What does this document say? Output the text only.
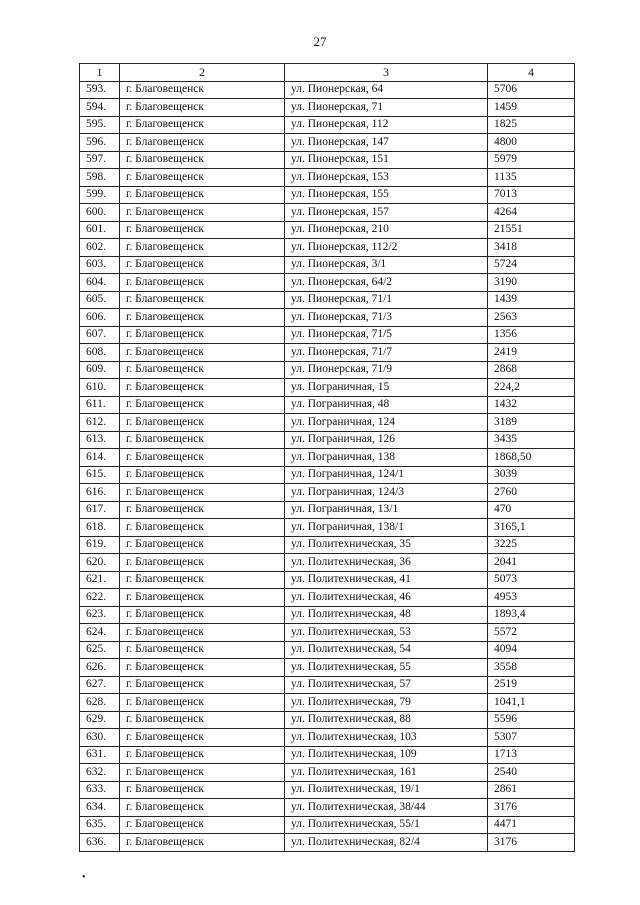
27
1	2	3	4
593.	г. Благовещенск	ул. Пионерская, 64	5706
594.	г. Благовещенск	ул. Пионерская, 71	1459
595.	г. Благовещенск	ул. Пионерская, 112	1825
596.	г. Благовещенск	ул. Пионерская, 147	4800
597.	г. Благовещенск	ул. Пионерская, 151	5979
598.	г. Благовещенск	ул. Пионерская, 153	1135
599.	г. Благовещенск	ул. Пионерская, 155	7013
600.	г. Благовещенск	ул. Пионерская, 157	4264
601.	г. Благовещенск	ул. Пионерская, 210	21551
602.	г. Благовещенск	ул. Пионерская, 112/2	3418
603.	г. Благовещенск	ул. Пионерская, 3/1	5724
604.	г. Благовещенск	ул. Пионерская, 64/2	3190
605.	г. Благовещенск	ул. Пионерская, 71/1	1439
606.	г. Благовещенск	ул. Пионерская, 71/3	2563
607.	г. Благовещенск	ул. Пионерская, 71/5	1356
608.	г. Благовещенск	ул. Пионерская, 71/7	2419
609.	г. Благовещенск	ул. Пионерская, 71/9	2868
610.	г. Благовещенск	ул. Пограничная, 15	224,2
611.	г. Благовещенск	ул. Пограничная, 48	1432
612.	г. Благовещенск	ул. Пограничная, 124	3189
613.	г. Благовещенск	ул. Пограничная, 126	3435
614.	г. Благовещенск	ул. Пограничная, 138	1868,50
615.	г. Благовещенск	ул. Пограничная, 124/1	3039
616.	г. Благовещенск	ул. Пограничная, 124/3	2760
617.	г. Благовещенск	ул. Пограничная, 13/1	470
618.	г. Благовещенск	ул. Пограничная, 138/1	3165,1
619.	г. Благовещенск	ул. Политехническая, 35	3225
620.	г. Благовещенск	ул. Политехническая, 36	2041
621.	г. Благовещенск	ул. Политехническая, 41	5073
622.	г. Благовещенск	ул. Политехническая, 46	4953
623.	г. Благовещенск	ул. Политехническая, 48	1893,4
624.	г. Благовещенск	ул. Политехническая, 53	5572
625.	г. Благовещенск	ул. Политехническая, 54	4094
626.	г. Благовещенск	ул. Политехническая, 55	3558
627.	г. Благовещенск	ул. Политехническая, 57	2519
628.	г. Благовещенск	ул. Политехническая, 79	1041,1
629.	г. Благовещенск	ул. Политехническая, 88	5596
630.	г. Благовещенск	ул. Политехническая, 103	5307
631.	г. Благовещенск	ул. Политехническая, 109	1713
632.	г. Благовещенск	ул. Политехническая, 161	2540
633.	г. Благовещенск	ул. Политехническая, 19/1	2861
634.	г. Благовещенск	ул. Политехническая, 38/44	3176
635.	г. Благовещенск	ул. Политехническая, 55/1	4471
636.	г. Благовещенск	ул. Политехническая, 82/4	3176
•
